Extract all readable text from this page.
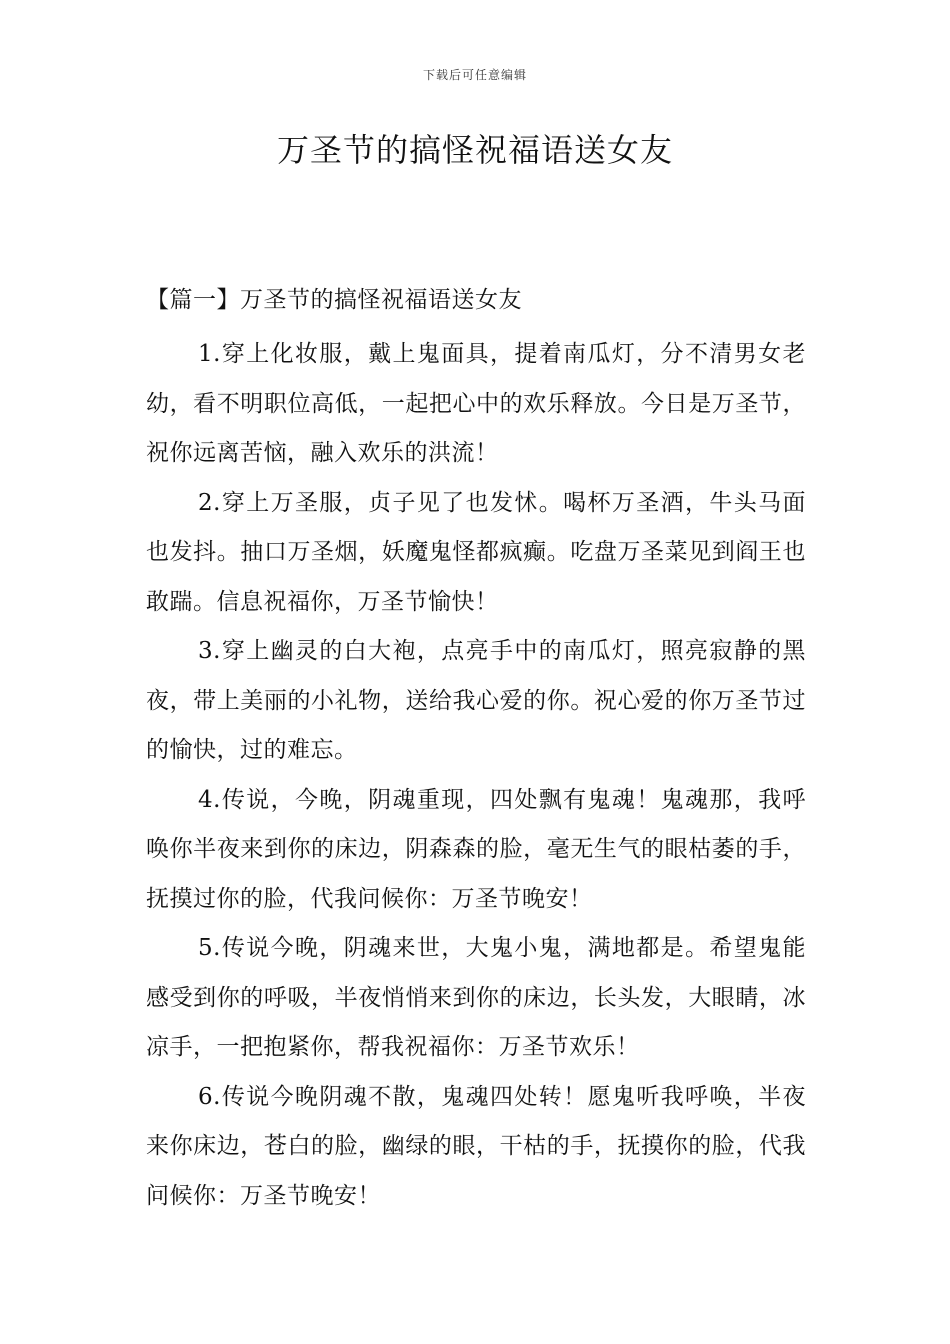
下载后可任意编辑
万圣节的搞怪祝福语送女友

【篇一】万圣节的搞怪祝福语送女友

1.穿上化妆服，戴上鬼面具，提着南瓜灯，分不清男女老幼，看不明职位高低，一起把心中的欢乐释放。今日是万圣节，祝你远离苦恼，融入欢乐的洪流！

2.穿上万圣服，贞子见了也发怵。喝杯万圣酒，牛头马面也发抖。抽口万圣烟，妖魔鬼怪都疯癫。吃盘万圣菜见到阎王也敢踹。信息祝福你，万圣节愉快！

3.穿上幽灵的白大袍，点亮手中的南瓜灯，照亮寂静的黑夜，带上美丽的小礼物，送给我心爱的你。祝心爱的你万圣节过的愉快，过的难忘。

4.传说，今晚，阴魂重现，四处飘有鬼魂！鬼魂那，我呼唤你半夜来到你的床边，阴森森的脸，毫无生气的眼枯萎的手，抚摸过你的脸，代我问候你：万圣节晚安！

5.传说今晚，阴魂来世，大鬼小鬼，满地都是。希望鬼能感受到你的呼吸，半夜悄悄来到你的床边，长头发，大眼睛，冰凉手，一把抱紧你，帮我祝福你：万圣节欢乐！

6.传说今晚阴魂不散，鬼魂四处转！愿鬼听我呼唤，半夜来你床边，苍白的脸，幽绿的眼，干枯的手，抚摸你的脸，代我问候你：万圣节晚安！
